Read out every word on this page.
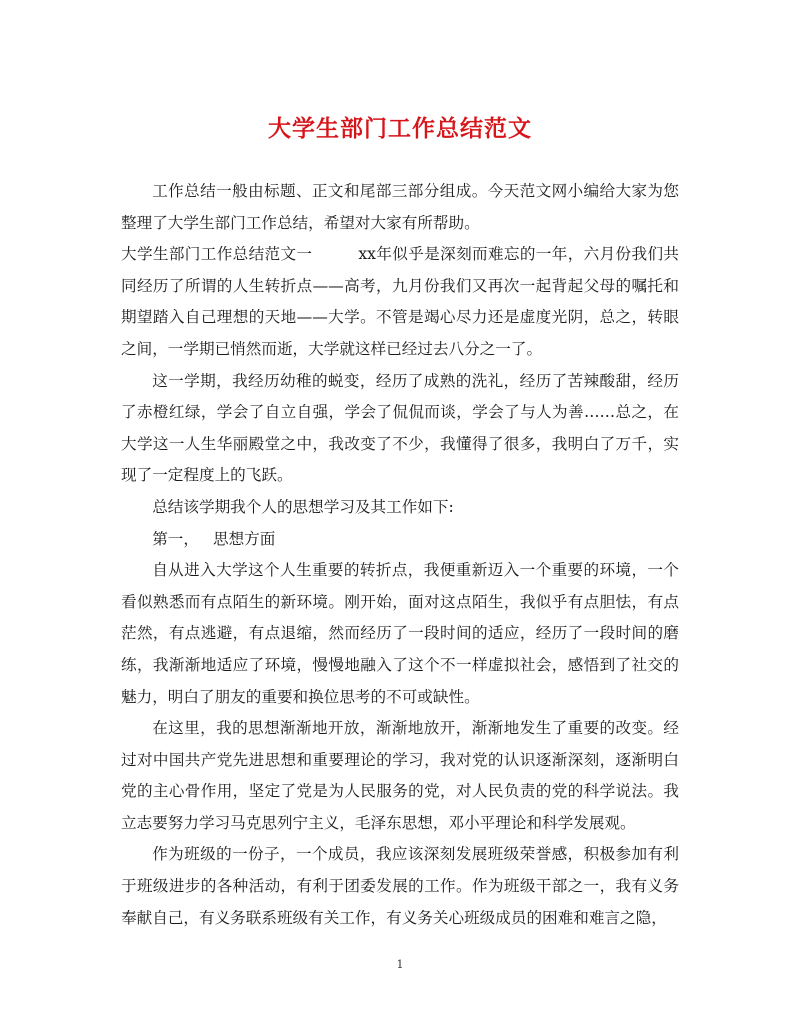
大学生部门工作总结范文

工作总结一般由标题、正文和尾部三部分组成。今天范文网小编给大家为您整理了大学生部门工作总结，希望对大家有所帮助。

大学生部门工作总结范文一	xx年似乎是深刻而难忘的一年，六月份我们共同经历了所谓的人生转折点——高考，九月份我们又再次一起背起父母的嘱托和期望踏入自己理想的天地——大学。不管是竭心尽力还是虚度光阴，总之，转眼之间，一学期已悄然而逝，大学就这样已经过去八分之一了。

这一学期，我经历幼稚的蜕变，经历了成熟的洗礼，经历了苦辣酸甜，经历了赤橙红绿，学会了自立自强，学会了侃侃而谈，学会了与人为善……总之，在大学这一人生华丽殿堂之中，我改变了不少，我懂得了很多，我明白了万千，实现了一定程度上的飞跃。

总结该学期我个人的思想学习及其工作如下:

第一， 思想方面

自从进入大学这个人生重要的转折点，我便重新迈入一个重要的环境，一个看似熟悉而有点陌生的新环境。刚开始，面对这点陌生，我似乎有点胆怯，有点茫然，有点逃避，有点退缩，然而经历了一段时间的适应，经历了一段时间的磨练，我渐渐地适应了环境，慢慢地融入了这个不一样虚拟社会，感悟到了社交的魅力，明白了朋友的重要和换位思考的不可或缺性。

在这里，我的思想渐渐地开放，渐渐地放开，渐渐地发生了重要的改变。经过对中国共产党先进思想和重要理论的学习，我对党的认识逐渐深刻，逐渐明白党的主心骨作用，坚定了党是为人民服务的党，对人民负责的党的科学说法。我立志要努力学习马克思列宁主义，毛泽东思想，邓小平理论和科学发展观。

作为班级的一份子，一个成员，我应该深刻发展班级荣誉感，积极参加有利于班级进步的各种活动，有利于团委发展的工作。作为班级干部之一，我有义务奉献自己，有义务联系班级有关工作，有义务关心班级成员的困难和难言之隐，

1
